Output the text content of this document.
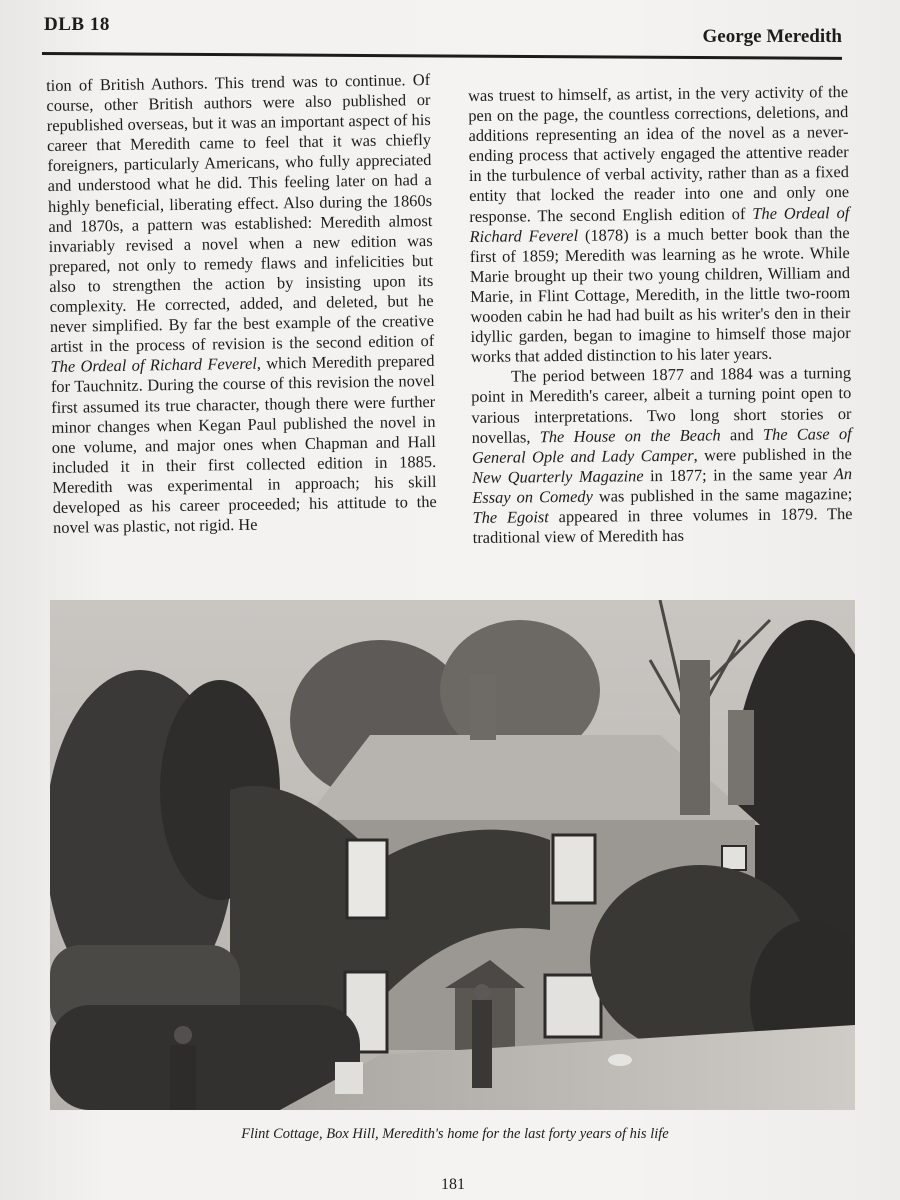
DLB 18
George Meredith

tion of British Authors. This trend was to continue. Of course, other British authors were also published or republished overseas, but it was an important aspect of his career that Meredith came to feel that it was chiefly foreigners, particularly Americans, who fully appreciated and understood what he did. This feeling later on had a highly beneficial, liberating effect. Also during the 1860s and 1870s, a pattern was established: Meredith almost invariably revised a novel when a new edition was prepared, not only to remedy flaws and infelicities but also to strengthen the action by insisting upon its complexity. He corrected, added, and deleted, but he never simplified. By far the best example of the creative artist in the process of revision is the second edition of The Ordeal of Richard Feverel, which Meredith prepared for Tauchnitz. During the course of this revision the novel first assumed its true character, though there were further minor changes when Kegan Paul published the novel in one volume, and major ones when Chapman and Hall included it in their first collected edition in 1885. Meredith was experimental in approach; his skill developed as his career proceeded; his attitude to the novel was plastic, not rigid. He

was truest to himself, as artist, in the very activity of the pen on the page, the countless corrections, deletions, and additions representing an idea of the novel as a never-ending process that actively engaged the attentive reader in the turbulence of verbal activity, rather than as a fixed entity that locked the reader into one and only one response. The second English edition of The Ordeal of Richard Feverel (1878) is a much better book than the first of 1859; Meredith was learning as he wrote. While Marie brought up their two young children, William and Marie, in Flint Cottage, Meredith, in the little two-room wooden cabin he had had built as his writer's den in their idyllic garden, began to imagine to himself those major works that added distinction to his later years.

The period between 1877 and 1884 was a turning point in Meredith's career, albeit a turning point open to various interpretations. Two long short stories or novellas, The House on the Beach and The Case of General Ople and Lady Camper, were published in the New Quarterly Magazine in 1877; in the same year An Essay on Comedy was published in the same magazine; The Egoist appeared in three volumes in 1879. The traditional view of Meredith has

Flint Cottage, Box Hill, Meredith's home for the last forty years of his life
181
